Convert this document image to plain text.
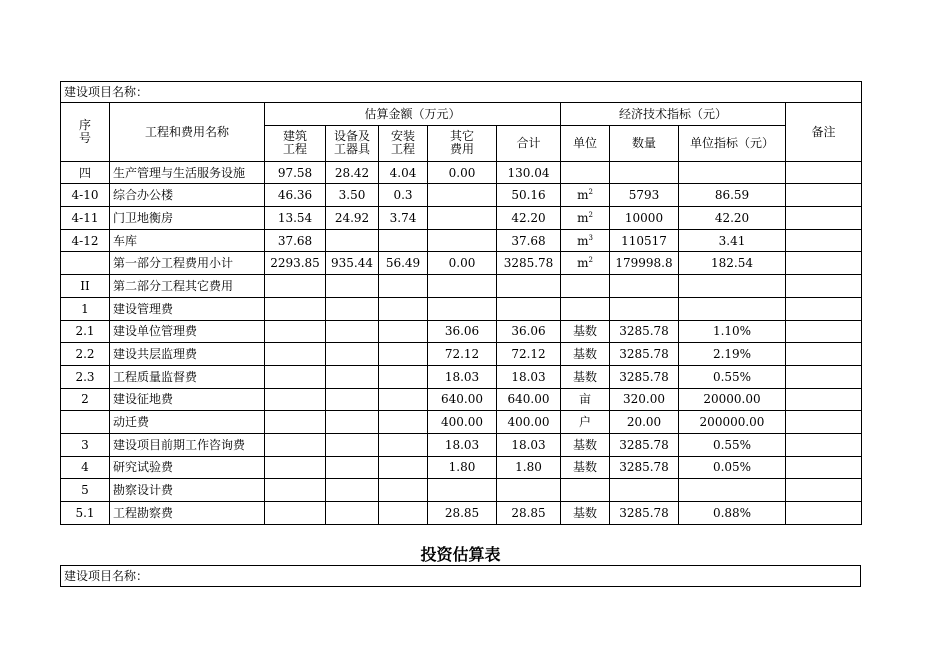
建设项目名称：										
序号	工程和费用名称	估算金额（万元）					经济技术指标（元）			备注
		建筑工程	设备及工器具	安装工程	其它费用	合计	单位	数量	单位指标（元）	
四	生产管理与生活服务设施	97.58	28.42	4.04	0.00	130.04				
4-10	综合办公楼	46.36	3.50	0.3		50.16	$m^2$	5793	86.59	
4-11	门卫地衡房	13.54	24.92	3.74		42.20	$m^2$	10000	42.20	
4-12	车库	37.68				37.68	$m^3$	110517	3.41	
	第一部分工程费用小计	2293.85	935.44	56.49	0.00	3285.78	$m^2$	179998.8	182.54	
II	第二部分工程其它费用									
1	建设管理费									
2.1	建设单位管理费				36.06	36.06	基数	3285.78	1.10%	
2.2	建设共层监理费				72.12	72.12	基数	3285.78	2.19%	
2.3	工程质量监督费				18.03	18.03	基数	3285.78	0.55%	
2	建设征地费				640.00	640.00	亩	320.00	20000.00	
	动迁费				400.00	400.00	户	20.00	200000.00	
3	建设项目前期工作咨询费				18.03	18.03	基数	3285.78	0.55%	
4	研究试验费				1.80	1.80	基数	3285.78	0.05%	
5	勘察设计费									
5.1	工程勘察费				28.85	28.85	基数	3285.78	0.88%	
投资估算表
建设项目名称：
